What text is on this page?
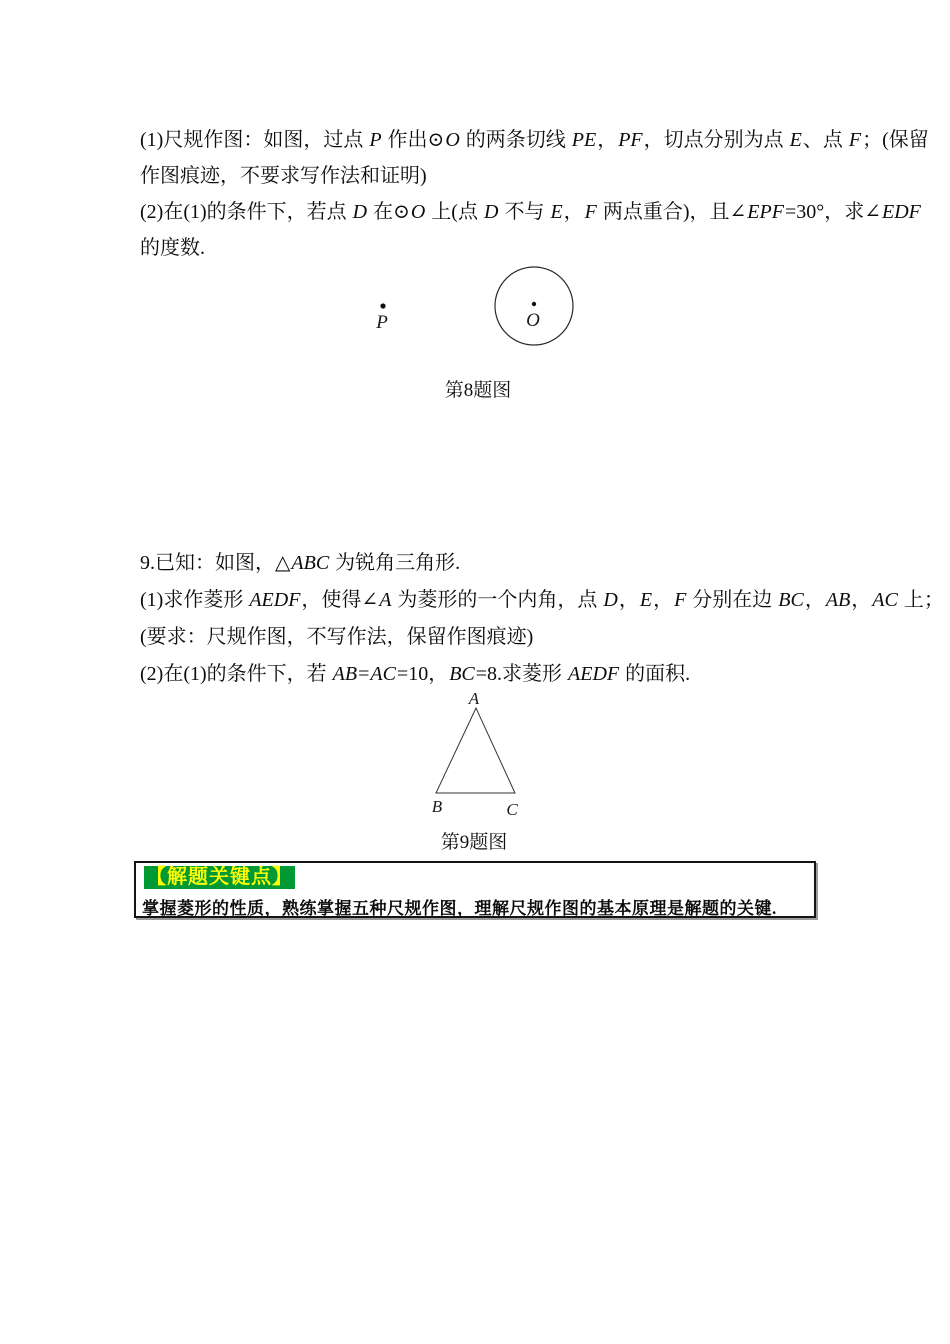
(1)尺规作图：如图，过点 P 作出⊙O 的两条切线 PE，PF，切点分别为点 E、点 F；(保留
作图痕迹，不要求写作法和证明)
(2)在(1)的条件下，若点 D 在⊙O 上(点 D 不与 E，F 两点重合)，且∠EPF=30°，求∠EDF
的度数.
P	O
第8题图
9.已知：如图，△ABC 为锐角三角形.
(1)求作菱形 AEDF，使得∠A 为菱形的一个内角，点 D，E，F 分别在边 BC，AB，AC 上；
(要求：尺规作图，不写作法，保留作图痕迹)
(2)在(1)的条件下，若 AB=AC=10，BC=8.求菱形 AEDF 的面积.
A
B	C
第9题图
【解题关键点】
掌握菱形的性质，熟练掌握五种尺规作图，理解尺规作图的基本原理是解题的关键.
